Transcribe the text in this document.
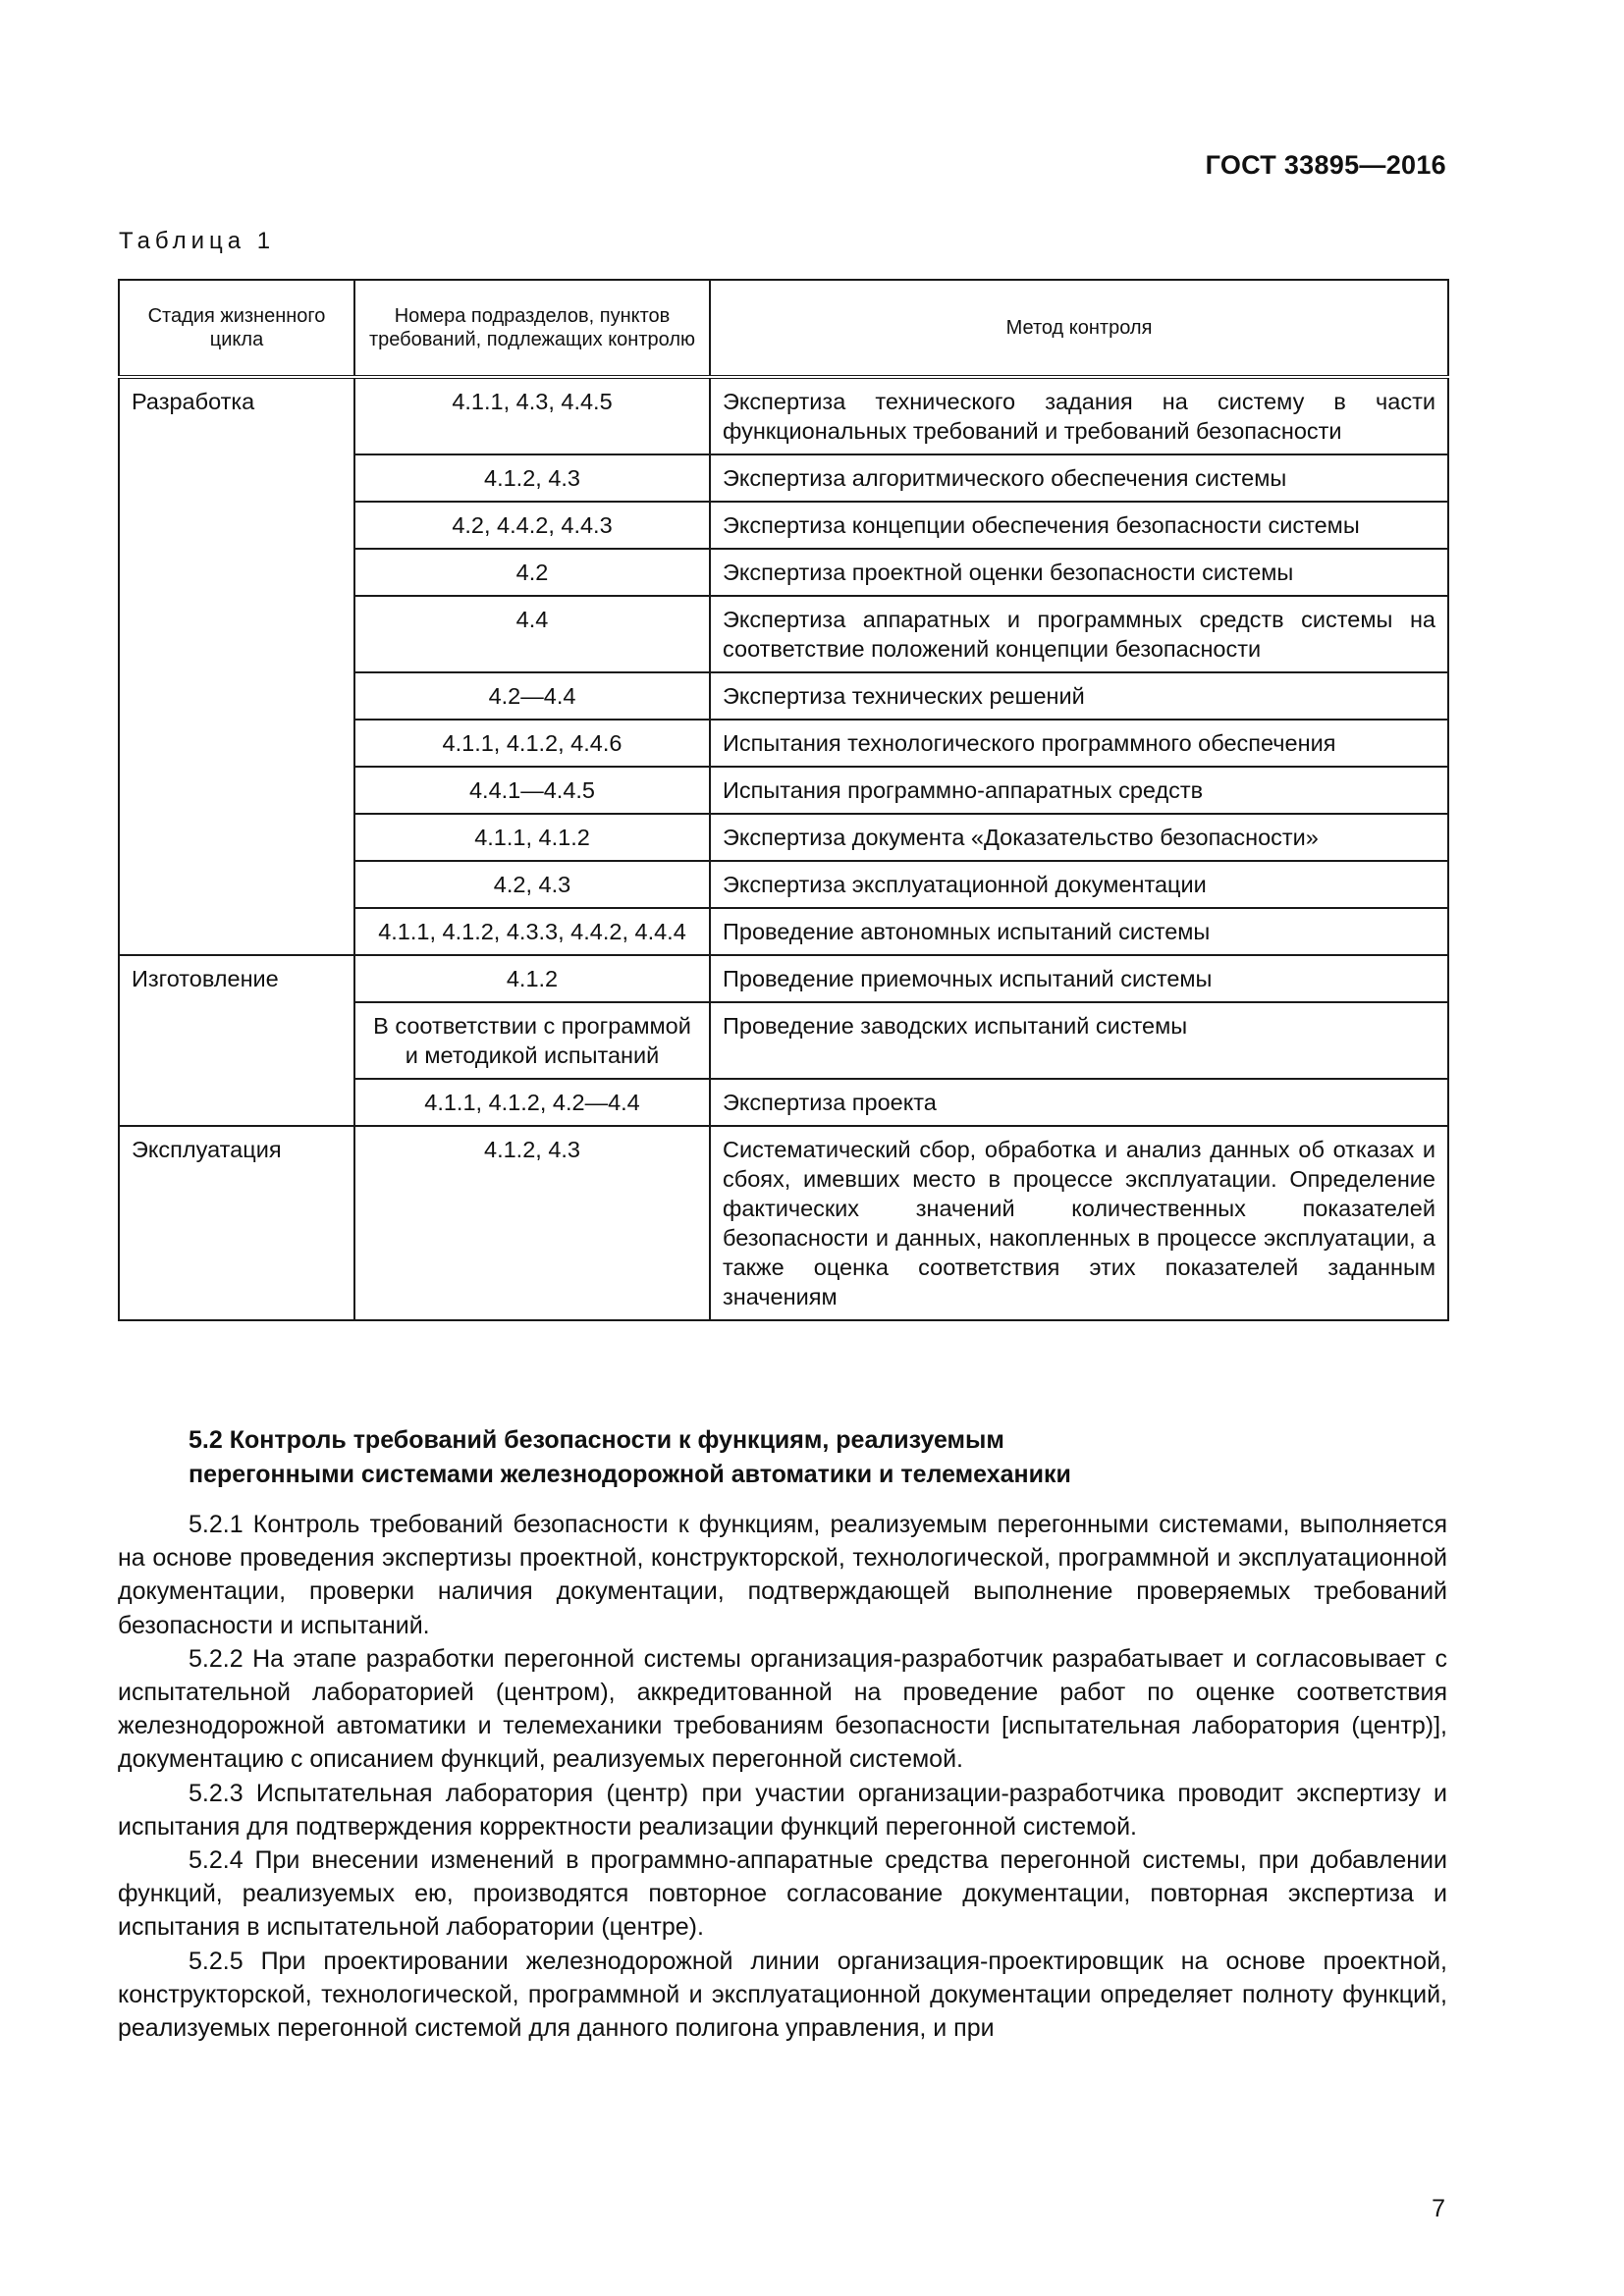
ГОСТ 33895—2016
Таблица 1
Стадия жизненного цикла	Номера подразделов, пунктов требований, подлежащих контролю	Метод контроля
Разработка	4.1.1, 4.3, 4.4.5	Экспертиза технического задания на систему в части функциональных требований и требований безопасности
	4.1.2, 4.3	Экспертиза алгоритмического обеспечения системы
	4.2, 4.4.2, 4.4.3	Экспертиза концепции обеспечения безопасности системы
	4.2	Экспертиза проектной оценки безопасности системы
	4.4	Экспертиза аппаратных и программных средств системы на соответствие положений концепции безопасности
	4.2—4.4	Экспертиза технических решений
	4.1.1, 4.1.2, 4.4.6	Испытания технологического программного обеспечения
	4.4.1—4.4.5	Испытания программно-аппаратных средств
	4.1.1, 4.1.2	Экспертиза документа «Доказательство безопасности»
	4.2, 4.3	Экспертиза эксплуатационной документации
	4.1.1, 4.1.2, 4.3.3, 4.4.2, 4.4.4	Проведение автономных испытаний системы
Изготовление	4.1.2	Проведение приемочных испытаний системы
	В соответствии с программой и методикой испытаний	Проведение заводских испытаний системы
	4.1.1, 4.1.2, 4.2—4.4	Экспертиза проекта
Эксплуатация	4.1.2, 4.3	Систематический сбор, обработка и анализ данных об отказах и сбоях, имевших место в процессе эксплуатации. Определение фактических значений количественных показателей безопасности и данных, накопленных в процессе эксплуатации, а также оценка соответствия этих показателей заданным значениям
5.2 Контроль требований безопасности к функциям, реализуемым
перегонными системами железнодорожной автоматики и телемеханики

5.2.1 Контроль требований безопасности к функциям, реализуемым перегонными системами, выполняется на основе проведения экспертизы проектной, конструкторской, технологической, программной и эксплуатационной документации, проверки наличия документации, подтверждающей выполнение проверяемых требований безопасности и испытаний.

5.2.2 На этапе разработки перегонной системы организация-разработчик разрабатывает и согласовывает с испытательной лабораторией (центром), аккредитованной на проведение работ по оценке соответствия железнодорожной автоматики и телемеханики требованиям безопасности [испытательная лаборатория (центр)], документацию с описанием функций, реализуемых перегонной системой.

5.2.3 Испытательная лаборатория (центр) при участии организации-разработчика проводит экспертизу и испытания для подтверждения корректности реализации функций перегонной системой.

5.2.4 При внесении изменений в программно-аппаратные средства перегонной системы, при добавлении функций, реализуемых ею, производятся повторное согласование документации, повторная экспертиза и испытания в испытательной лаборатории (центре).

5.2.5 При проектировании железнодорожной линии организация-проектировщик на основе проектной, конструкторской, технологической, программной и эксплуатационной документации определяет полноту функций, реализуемых перегонной системой для данного полигона управления, и при

7
